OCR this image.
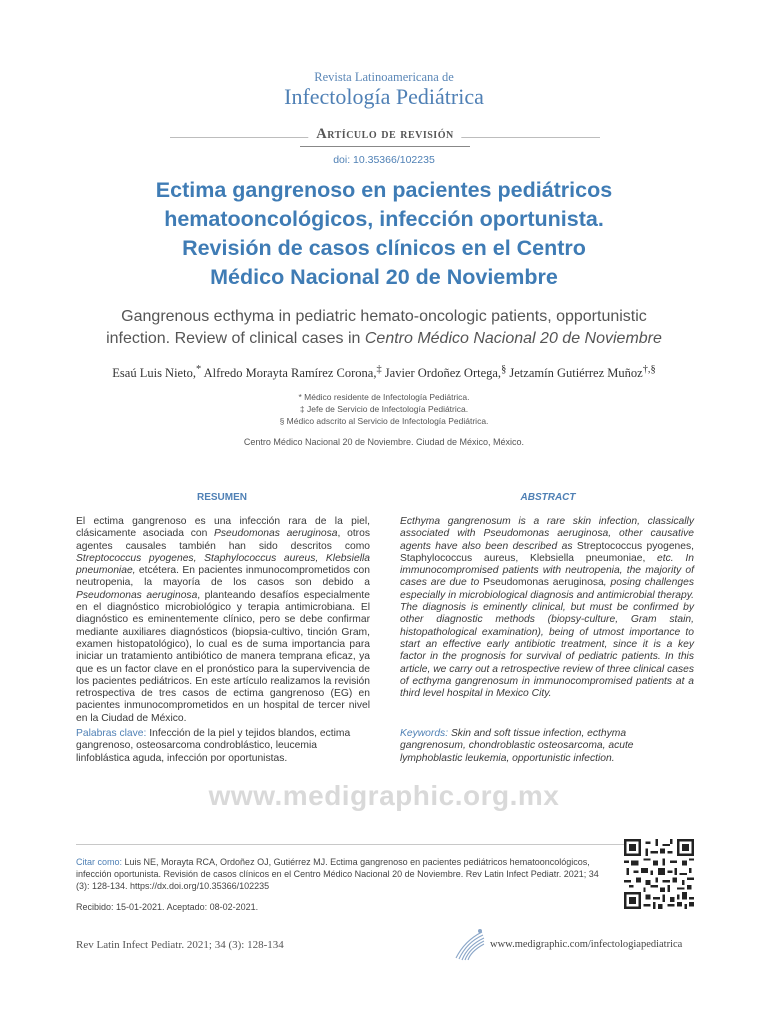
Revista Latinoamericana de
Infectología Pediátrica
Artículo de revisión
doi: 10.35366/102235
Ectima gangrenoso en pacientes pediátricos
hematooncológicos, infección oportunista.
Revisión de casos clínicos en el Centro
Médico Nacional 20 de Noviembre
Gangrenous ecthyma in pediatric hemato-oncologic patients, opportunistic
infection. Review of clinical cases in Centro Médico Nacional 20 de Noviembre
Esaú Luis Nieto,* Alfredo Morayta Ramírez Corona,‡ Javier Ordoñez Ortega,§ Jetzamín Gutiérrez Muñoz†,§
* Médico residente de Infectología Pediátrica.
‡ Jefe de Servicio de Infectología Pediátrica.
§ Médico adscrito al Servicio de Infectología Pediátrica.
Centro Médico Nacional 20 de Noviembre. Ciudad de México, México.
RESUMEN
El ectima gangrenoso es una infección rara de la piel, clásicamente asociada con Pseudomonas aeruginosa, otros agentes causales también han sido descritos como Streptococcus pyogenes, Staphylococcus aureus, Klebsiella pneumoniae, etcétera. En pacientes inmunocomprometidos con neutropenia, la mayoría de los casos son debido a Pseudomonas aeruginosa, planteando desafíos especialmente en el diagnóstico microbiológico y terapia antimicrobiana. El diagnóstico es eminentemente clínico, pero se debe confirmar mediante auxiliares diagnósticos (biopsia-cultivo, tinción Gram, examen histopatológico), lo cual es de suma importancia para iniciar un tratamiento antibiótico de manera temprana eficaz, ya que es un factor clave en el pronóstico para la supervivencia de los pacientes pediátricos. En este artículo realizamos la revisión retrospectiva de tres casos de ectima gangrenoso (EG) en pacientes inmunocomprometidos en un hospital de tercer nivel en la Ciudad de México.
Palabras clave: Infección de la piel y tejidos blandos, ectima gangrenoso, osteosarcoma condroblástico, leucemia linfoblástica aguda, infección por oportunistas.
ABSTRACT
Ecthyma gangrenosum is a rare skin infection, classically associated with Pseudomonas aeruginosa, other causative agents have also been described as Streptococcus pyogenes, Staphylococcus aureus, Klebsiella pneumoniae, etc. In immunocompromised patients with neutropenia, the majority of cases are due to Pseudomonas aeruginosa, posing challenges especially in microbiological diagnosis and antimicrobial therapy. The diagnosis is eminently clinical, but must be confirmed by other diagnostic methods (biopsy-culture, Gram stain, histopathological examination), being of utmost importance to start an effective early antibiotic treatment, since it is a key factor in the prognosis for survival of pediatric patients. In this article, we carry out a retrospective review of three clinical cases of ecthyma gangrenosum in immunocompromised patients at a third level hospital in Mexico City.
Keywords: Skin and soft tissue infection, ecthyma gangrenosum, chondroblastic osteosarcoma, acute lymphoblastic leukemia, opportunistic infection.
www.medigraphic.org.mx
Citar como: Luis NE, Morayta RCA, Ordoñez OJ, Gutiérrez MJ. Ectima gangrenoso en pacientes pediátricos hematooncológicos, infección oportunista. Revisión de casos clínicos en el Centro Médico Nacional 20 de Noviembre. Rev Latin Infect Pediatr. 2021; 34 (3): 128-134. https://dx.doi.org/10.35366/102235
Recibido: 15-01-2021. Aceptado: 08-02-2021.
Rev Latin Infect Pediatr. 2021; 34 (3): 128-134	www.medigraphic.com/infectologiapediatrica
